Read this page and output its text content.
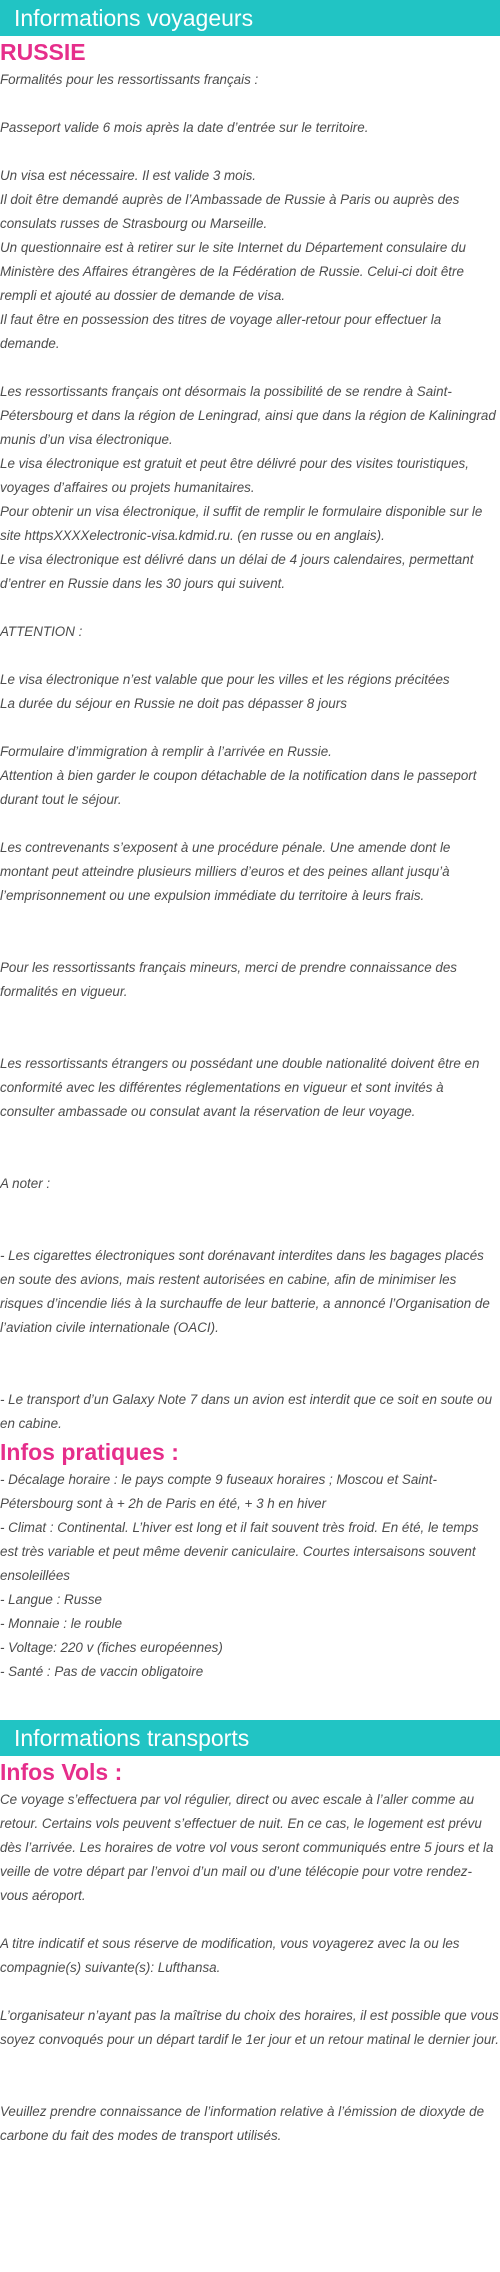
Informations voyageurs
RUSSIE

Formalités pour les ressortissants français :

Passeport valide 6 mois après la date d’entrée sur le territoire.

Un visa est nécessaire. Il est valide 3 mois.
Il doit être demandé auprès de l’Ambassade de Russie à Paris ou auprès des consulats russes de Strasbourg ou Marseille.
Un questionnaire est à retirer sur le site Internet du Département consulaire du Ministère des Affaires étrangères de la Fédération de Russie. Celui-ci doit être rempli et ajouté au dossier de demande de visa.
Il faut être en possession des titres de voyage aller-retour pour effectuer la demande.

Les ressortissants français ont désormais la possibilité de se rendre à Saint-Pétersbourg et dans la région de Leningrad, ainsi que dans la région de Kaliningrad munis d’un visa électronique.
Le visa électronique est gratuit et peut être délivré pour des visites touristiques, voyages d’affaires ou projets humanitaires.
Pour obtenir un visa électronique, il suffit de remplir le formulaire disponible sur le site httpsXXXXelectronic-visa.kdmid.ru. (en russe ou en anglais).
Le visa électronique est délivré dans un délai de 4 jours calendaires, permettant d’entrer en Russie dans les 30 jours qui suivent.

ATTENTION :

Le visa électronique n’est valable que pour les villes et les régions précitées
La durée du séjour en Russie ne doit pas dépasser 8 jours

Formulaire d’immigration à remplir à l’arrivée en Russie.
Attention à bien garder le coupon détachable de la notification dans le passeport durant tout le séjour.

Les contrevenants s’exposent à une procédure pénale. Une amende dont le montant peut atteindre plusieurs milliers d’euros et des peines allant jusqu’à l’emprisonnement ou une expulsion immédiate du territoire à leurs frais.

Pour les ressortissants français mineurs, merci de prendre connaissance des formalités en vigueur.

Les ressortissants étrangers ou possédant une double nationalité doivent être en conformité avec les différentes réglementations en vigueur et sont invités à consulter ambassade ou consulat avant la réservation de leur voyage.

A noter :

- Les cigarettes électroniques sont dorénavant interdites dans les bagages placés en soute des avions, mais restent autorisées en cabine, afin de minimiser les risques d’incendie liés à la surchauffe de leur batterie, a annoncé l’Organisation de l’aviation civile internationale (OACI).

- Le transport d’un Galaxy Note 7 dans un avion est interdit que ce soit en soute ou en cabine.

Infos pratiques :

- Décalage horaire : le pays compte 9 fuseaux horaires ; Moscou et Saint-Pétersbourg sont à + 2h de Paris en été, + 3 h en hiver
- Climat : Continental. L’hiver est long et il fait souvent très froid. En été, le temps est très variable et peut même devenir caniculaire. Courtes intersaisons souvent ensoleillées
- Langue : Russe
- Monnaie : le rouble
- Voltage: 220 v (fiches européennes)
- Santé : Pas de vaccin obligatoire

Informations transports
Infos Vols :

Ce voyage s’effectuera par vol régulier, direct ou avec escale à l’aller comme au retour. Certains vols peuvent s’effectuer de nuit. En ce cas, le logement est prévu dès l’arrivée. Les horaires de votre vol vous seront communiqués entre 5 jours et la veille de votre départ par l’envoi d’un mail ou d’une télécopie pour votre rendez-vous aéroport.

A titre indicatif et sous réserve de modification, vous voyagerez avec la ou les compagnie(s) suivante(s): Lufthansa.

L’organisateur n’ayant pas la maîtrise du choix des horaires, il est possible que vous soyez convoqués pour un départ tardif le 1er jour et un retour matinal le dernier jour.

Veuillez prendre connaissance de l’information relative à l’émission de dioxyde de carbone du fait des modes de transport utilisés.
